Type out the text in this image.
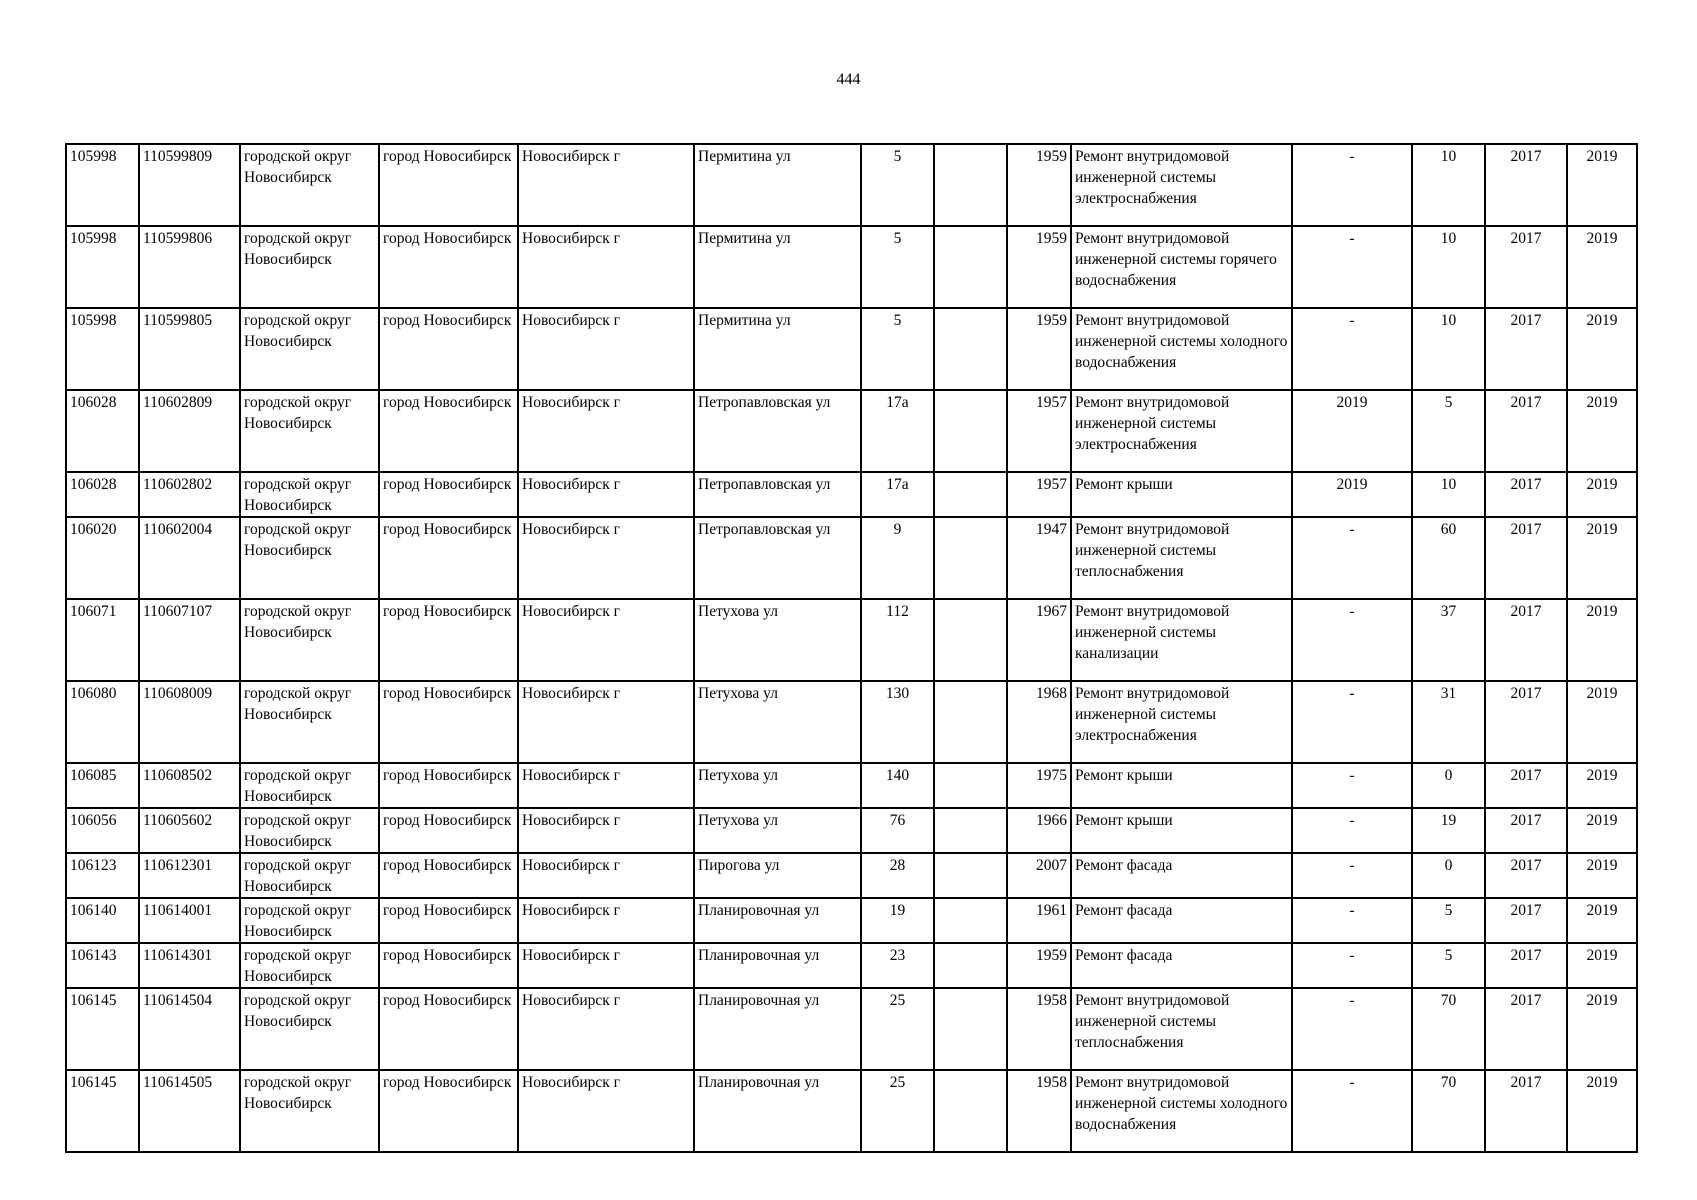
444
105998	110599809	городской округ Новосибирск	город Новосибирск	Новосибирск г	Пермитина ул	5		1959	Ремонт внутридомовой инженерной системы электроснабжения	-	10	2017	2019
105998	110599806	городской округ Новосибирск	город Новосибирск	Новосибирск г	Пермитина ул	5		1959	Ремонт внутридомовой инженерной системы горячего водоснабжения	-	10	2017	2019
105998	110599805	городской округ Новосибирск	город Новосибирск	Новосибирск г	Пермитина ул	5		1959	Ремонт внутридомовой инженерной системы холодного водоснабжения	-	10	2017	2019
106028	110602809	городской округ Новосибирск	город Новосибирск	Новосибирск г	Петропавловская ул	17а		1957	Ремонт внутридомовой инженерной системы электроснабжения	2019	5	2017	2019
106028	110602802	городской округ Новосибирск	город Новосибирск	Новосибирск г	Петропавловская ул	17а		1957	Ремонт крыши	2019	10	2017	2019
106020	110602004	городской округ Новосибирск	город Новосибирск	Новосибирск г	Петропавловская ул	9		1947	Ремонт внутридомовой инженерной системы теплоснабжения	-	60	2017	2019
106071	110607107	городской округ Новосибирск	город Новосибирск	Новосибирск г	Петухова ул	112		1967	Ремонт внутридомовой инженерной системы канализации	-	37	2017	2019
106080	110608009	городской округ Новосибирск	город Новосибирск	Новосибирск г	Петухова ул	130		1968	Ремонт внутридомовой инженерной системы электроснабжения	-	31	2017	2019
106085	110608502	городской округ Новосибирск	город Новосибирск	Новосибирск г	Петухова ул	140		1975	Ремонт крыши	-	0	2017	2019
106056	110605602	городской округ Новосибирск	город Новосибирск	Новосибирск г	Петухова ул	76		1966	Ремонт крыши	-	19	2017	2019
106123	110612301	городской округ Новосибирск	город Новосибирск	Новосибирск г	Пирогова ул	28		2007	Ремонт фасада	-	0	2017	2019
106140	110614001	городской округ Новосибирск	город Новосибирск	Новосибирск г	Планировочная ул	19		1961	Ремонт фасада	-	5	2017	2019
106143	110614301	городской округ Новосибирск	город Новосибирск	Новосибирск г	Планировочная ул	23		1959	Ремонт фасада	-	5	2017	2019
106145	110614504	городской округ Новосибирск	город Новосибирск	Новосибирск г	Планировочная ул	25		1958	Ремонт внутридомовой инженерной системы теплоснабжения	-	70	2017	2019
106145	110614505	городской округ Новосибирск	город Новосибирск	Новосибирск г	Планировочная ул	25		1958	Ремонт внутридомовой инженерной системы холодного водоснабжения	-	70	2017	2019
